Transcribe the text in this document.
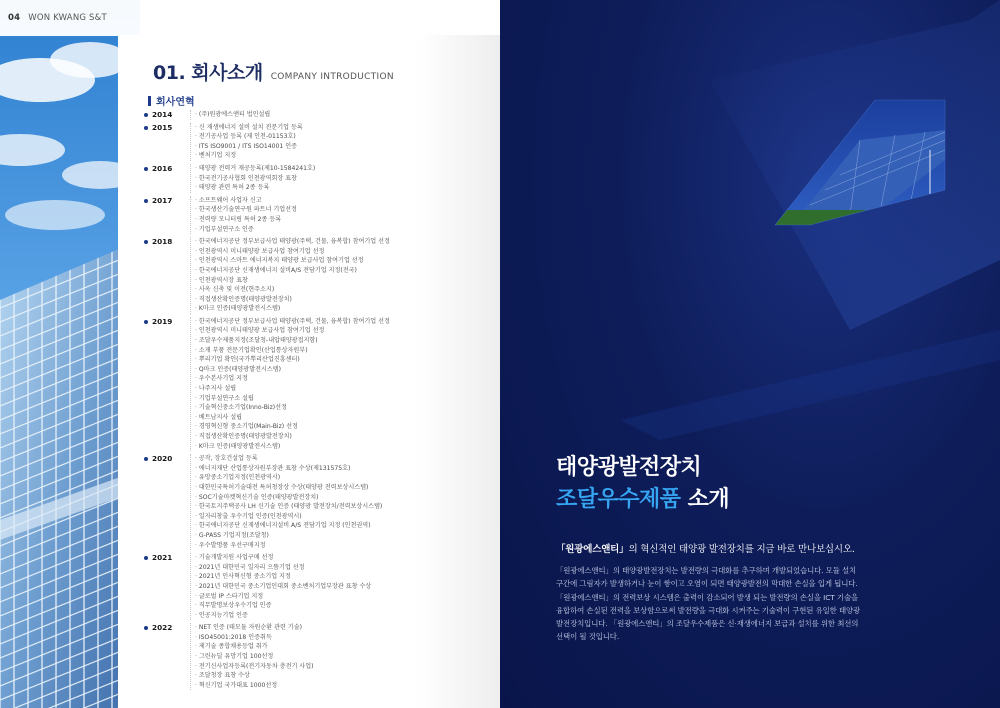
04 WON KWANG S&T
01. 회사소개 COMPANY INTRODUCTION
회사연혁
2014	· (주)원광에스앤티 법인설립
2015	· 신 재생에너지 설비 설치 전문기업 등록
· 전기공사업 등록 (제 인천-01153호)
· ITS ISO9001 / ITS ISO14001 인증
· 벤처기업 지정
2016	· 태양광 전력거 재공등록(제10-1584241호)
· 한국전기공사협회 인천광역회장 표창
· 태양광 관련 특허 2종 등록
2017	· 소프트웨어 사업자 신고
· 한국생산기술연구원 파트너 기업선정
· 전력량 모니터링 특허 2종 등록
· 기업부설연구소 인증
2018	· 한국에너지공단 정부보급사업 태양광(주택, 건물, 융복합) 참여기업 선정
· 인천광역시 미니태양광 보급사업 참여기업 선정
· 인천광역시 스마트 에너지복지 태양광 보급사업 참여기업 선정
· 한국에너지공단 신재생에너지 설비A/S 전담기업 지정(전국)
· 인천광역시장 표창
· 사옥 신축 및 이전(현주소지)
· 직접생산확인증명(태양광발전장치)
· K마크 인증(태양광발전시스템)
2019	· 한국에너지공단 정부보급사업 태양광(주택, 건물, 융복합) 참여기업 선정
· 인천광역시 미니태양광 보급사업 참여기업 선정
· 조달우수제품지정(조달청-내압태양광접지함)
· 소재 부품 전문기업확인(산업통상자원부)
· 뿌리기업 확인(국가뿌리산업진흥센터)
· Q마크 인증(태양광발전시스템)
· 우수본사기업 지정
· 나주지사 설립
· 기업부설연구소 설립
· 기술혁신중소기업(Inno-Biz)선정
· 베트남지사 설립
· 경영혁신형 중소기업(Main-Biz) 선정
· 직접생산확인증명(태양광발전장치)
· K마크 인증(태양광발전시스템)
2020	· 공작, 장호건설업 등록
· 에너지재단 산업통상자원부장관 표창 수상(제131575호)
· 유망중소기업지정(인천광역시)
· 대한민국특허기술대전 특허청장상 수상(태양광 전력보상시스템)
· SOC기술마켓혁신기술 인증(태양광발전장치)
· 한국토지주택공사 LH 신기술 인증 (태양광 발전장치/전력보상시스템)
· 일자리창출 우수기업 인증(인천광역시)
· 한국에너지공단 신재생에너지설비 A/S 전담기업 지정 (인천권역)
· G-PASS 기업지정(조달청)
· 우수발명품 우선구매지정
2021	· 기술개발지원 사업구매 선정
· 2021년 대한민국 일자리 으뜸기업 선정
· 2021년 인사혁신형 중소기업 지정
· 2021년 대한민국 중소기업인대회 중소벤처기업부장관 표창 수상
· 글로벌 IP 스타기업 지정
· 직무발명보상우수기업 인증
· 인공지능기업 인증
2022	· NET 인증 (태모듈 자원순환 관련 기술)
· ISO45001:2018 인증취득
· 제기술 종합채용등업 취가
· 그린뉴딜 유망기업 100선정
· 전기신사업자등록(전기자동차 충전기 사업)
· 조달청장 표창 수상
· 혁신기업 국가대표 1000선정
태양광발전장치
조달우수제품 소개
「원광에스앤티」의 혁신적인 태양광 발전장치를 지금 바로 만나보십시오.
「원광에스앤티」의 태양광발전장치는 발전량의 극대화를 추구하며 개발되었습니다. 모듈 설치
구간에 그림자가 발생하거나 눈이 쌓이고 오염이 되면 태양광발전의 막대한 손실을 입게 됩니다.
「원광에스앤티」의 전력보상 시스템은 출력이 감소되어 발생 되는 발전량의 손실을 ICT 기술을
융합하여 손실된 전력을 보상함으로써 발전량을 극대화 시켜주는 기술력이 구현된 유일한 태양광
발전장치입니다. 「원광에스앤티」의 조달우수제품은 신·재생에너지 보급과 설치를 위한 최선의
선택이 될 것입니다.
